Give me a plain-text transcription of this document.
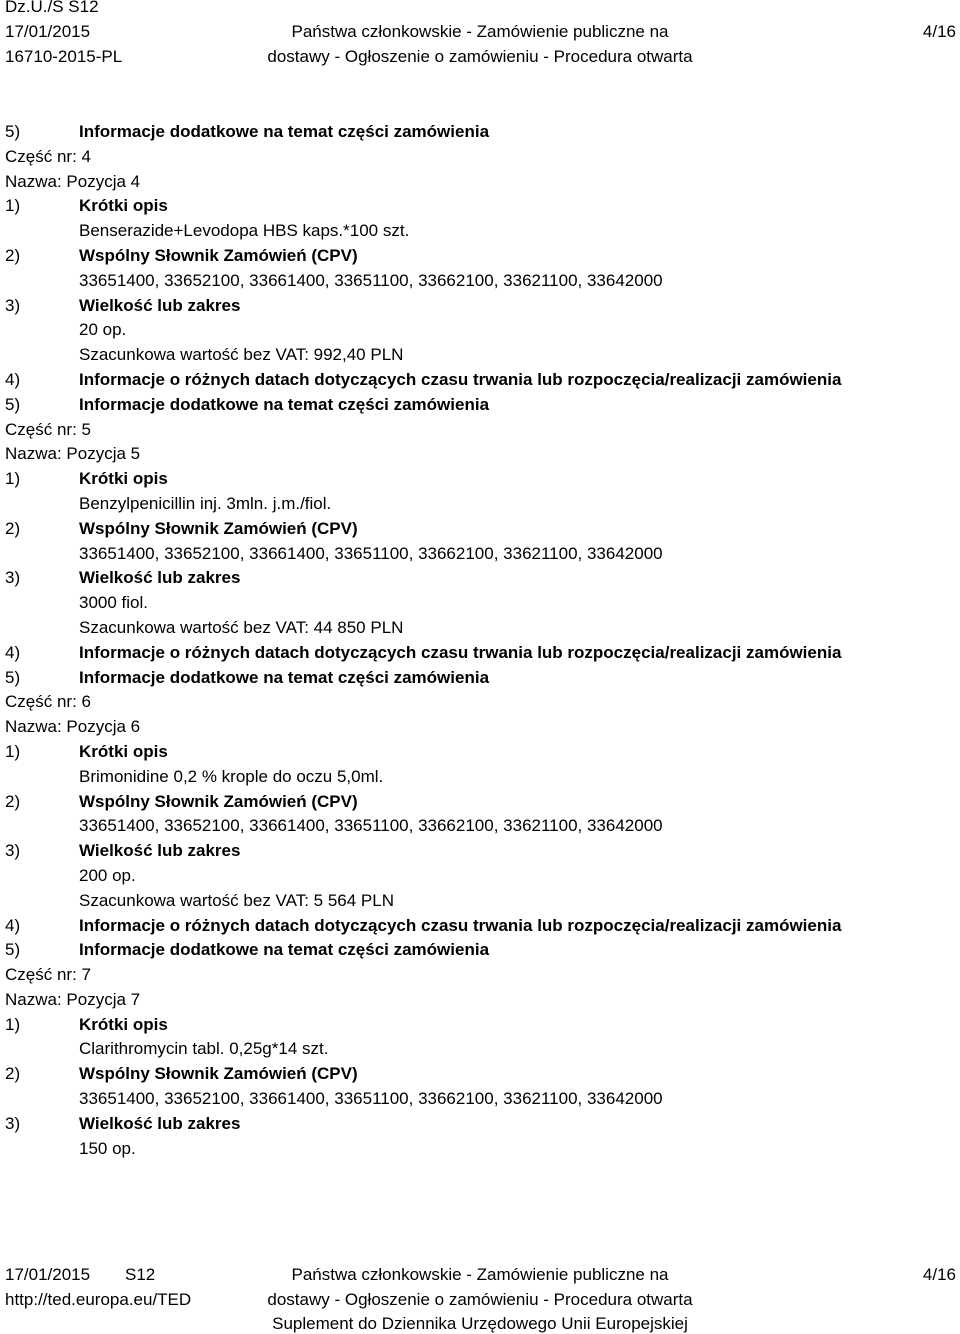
Dz.U./S S12
17/01/2015
16710-2015-PL
Państwa członkowskie - Zamówienie publiczne na
dostawy - Ogłoszenie o zamówieniu - Procedura otwarta
4/16
5)	Informacje dodatkowe na temat części zamówienia
Część nr: 4
Nazwa: Pozycja 4
1)	Krótki opis
Benserazide+Levodopa HBS kaps.*100 szt.
2)	Wspólny Słownik Zamówień (CPV)
33651400, 33652100, 33661400, 33651100, 33662100, 33621100, 33642000
3)	Wielkość lub zakres
20 op.
Szacunkowa wartość bez VAT: 992,40 PLN
4)	Informacje o różnych datach dotyczących czasu trwania lub rozpoczęcia/realizacji zamówienia
5)	Informacje dodatkowe na temat części zamówienia
Część nr: 5
Nazwa: Pozycja 5
1)	Krótki opis
Benzylpenicillin inj. 3mln. j.m./fiol.
2)	Wspólny Słownik Zamówień (CPV)
33651400, 33652100, 33661400, 33651100, 33662100, 33621100, 33642000
3)	Wielkość lub zakres
3000 fiol.
Szacunkowa wartość bez VAT: 44 850 PLN
4)	Informacje o różnych datach dotyczących czasu trwania lub rozpoczęcia/realizacji zamówienia
5)	Informacje dodatkowe na temat części zamówienia
Część nr: 6
Nazwa: Pozycja 6
1)	Krótki opis
Brimonidine 0,2 % krople do oczu 5,0ml.
2)	Wspólny Słownik Zamówień (CPV)
33651400, 33652100, 33661400, 33651100, 33662100, 33621100, 33642000
3)	Wielkość lub zakres
200 op.
Szacunkowa wartość bez VAT: 5 564 PLN
4)	Informacje o różnych datach dotyczących czasu trwania lub rozpoczęcia/realizacji zamówienia
5)	Informacje dodatkowe na temat części zamówienia
Część nr: 7
Nazwa: Pozycja 7
1)	Krótki opis
Clarithromycin tabl. 0,25g*14 szt.
2)	Wspólny Słownik Zamówień (CPV)
33651400, 33652100, 33661400, 33651100, 33662100, 33621100, 33642000
3)	Wielkość lub zakres
150 op.
17/01/2015 S12
http://ted.europa.eu/TED
Państwa członkowskie - Zamówienie publiczne na
dostawy - Ogłoszenie o zamówieniu - Procedura otwarta
Suplement do Dziennika Urzędowego Unii Europejskiej
4/16
